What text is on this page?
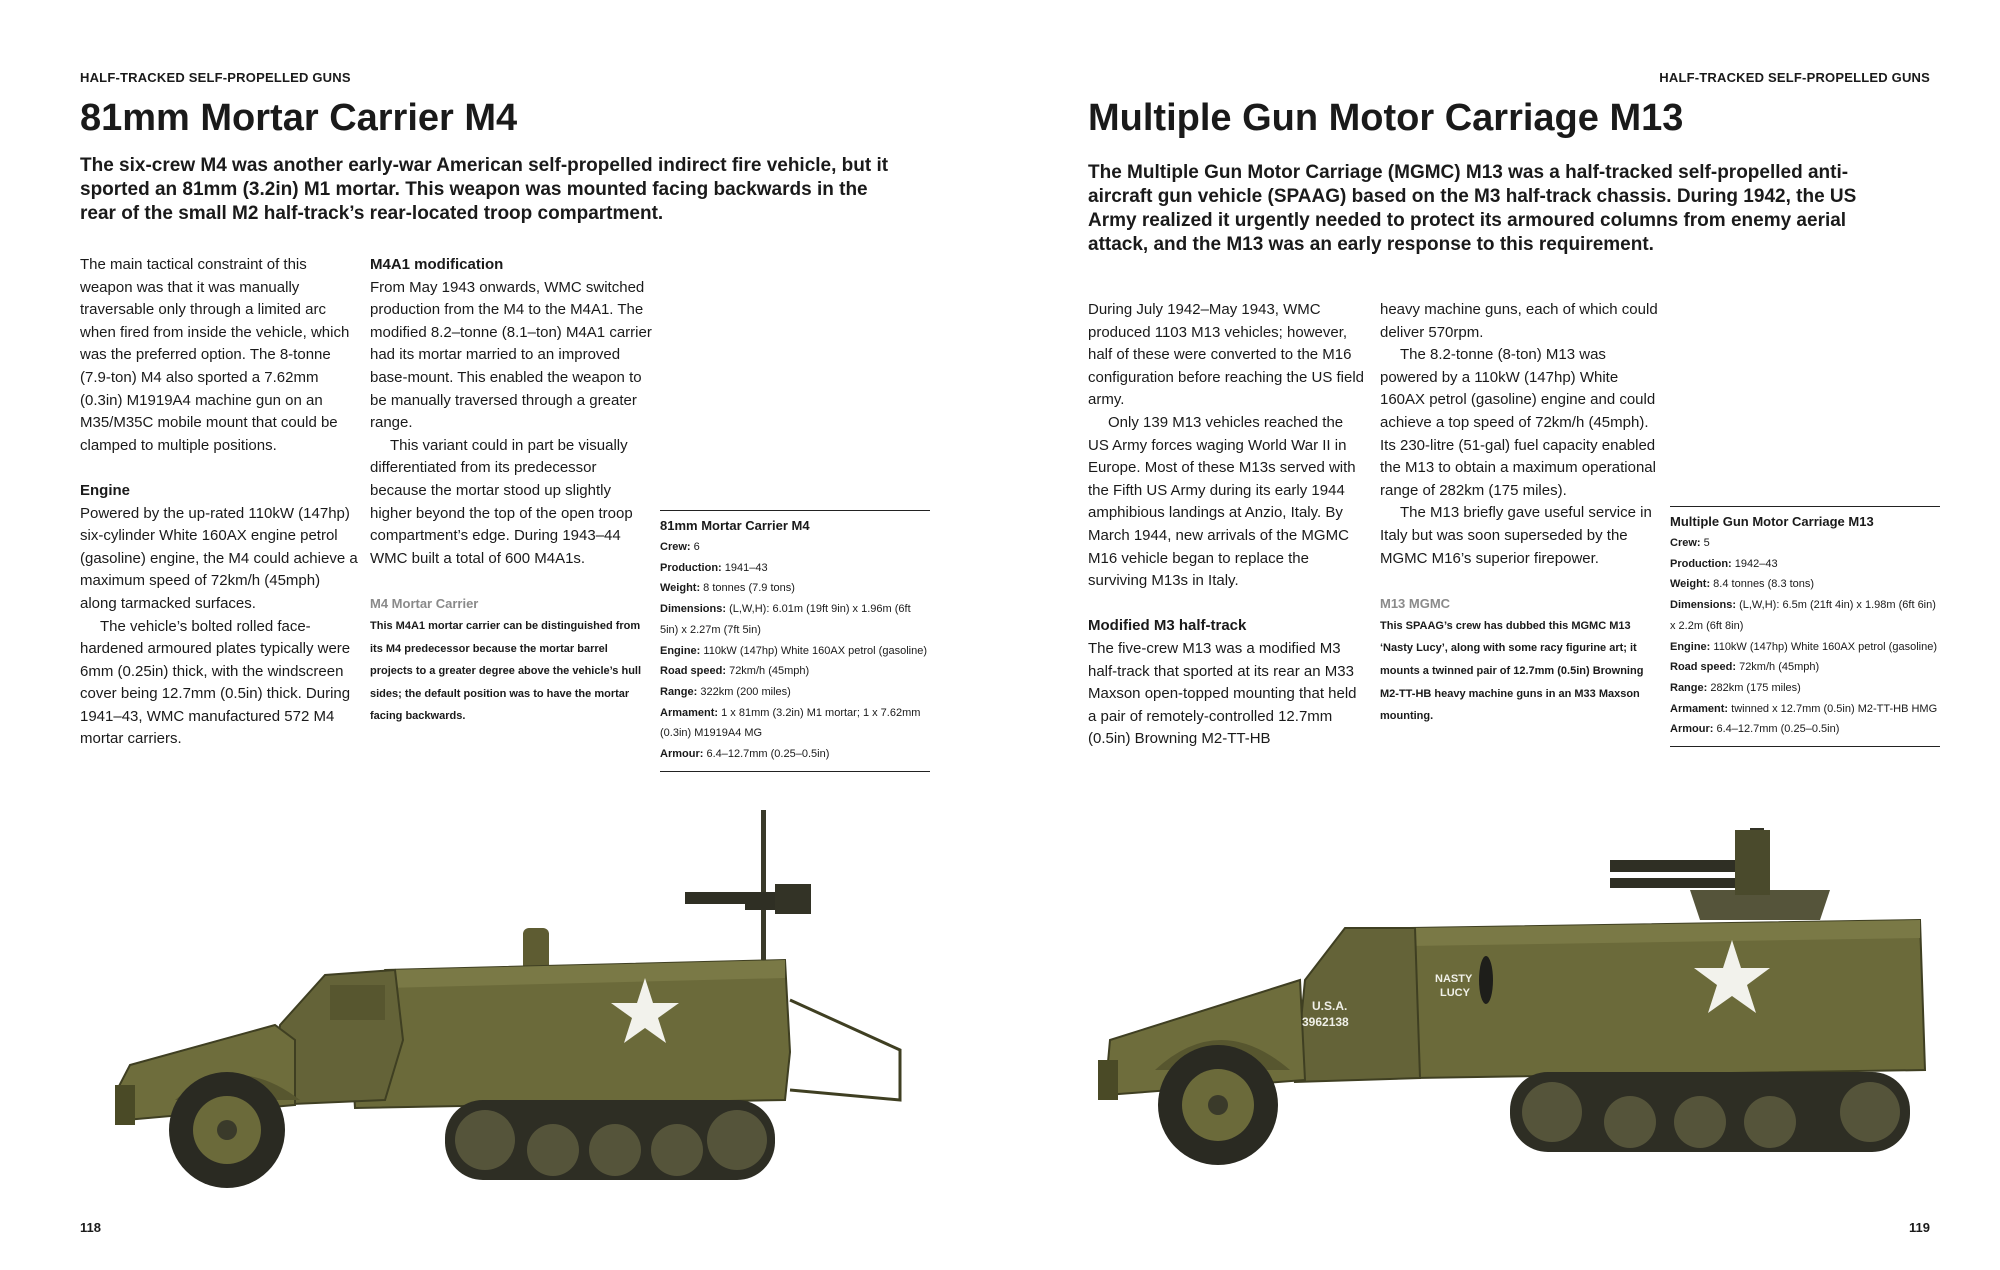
HALF-TRACKED SELF-PROPELLED GUNS
81mm Mortar Carrier M4

The six-crew M4 was another early-war American self-propelled indirect fire vehicle, but it sported an 81mm (3.2in) M1 mortar. This weapon was mounted facing backwards in the rear of the small M2 half-track’s rear-located troop compartment.

The main tactical constraint of this weapon was that it was manually traversable only through a limited arc when fired from inside the vehicle, which was the preferred option. The 8-tonne (7.9-ton) M4 also sported a 7.62mm (0.3in) M1919A4 machine gun on an M35/M35C mobile mount that could be clamped to multiple positions.

Engine

Powered by the up-rated 110kW (147hp) six-cylinder White 160AX engine petrol (gasoline) engine, the M4 could achieve a maximum speed of 72km/h (45mph) along tarmacked surfaces.

The vehicle’s bolted rolled face-hardened armoured plates typically were 6mm (0.25in) thick, with the windscreen cover being 12.7mm (0.5in) thick. During 1941–43, WMC manufactured 572 M4 mortar carriers.

M4A1 modification

From May 1943 onwards, WMC switched production from the M4 to the M4A1. The modified 8.2–tonne (8.1–ton) M4A1 carrier had its mortar married to an improved base-mount. This enabled the weapon to be manually traversed through a greater range.

This variant could in part be visually differentiated from its predecessor because the mortar stood up slightly higher beyond the top of the open troop compartment’s edge. During 1943–44 WMC built a total of 600 M4A1s.

M4 Mortar Carrier

This M4A1 mortar carrier can be distinguished from its M4 predecessor because the mortar barrel projects to a greater degree above the vehicle’s hull sides; the default position was to have the mortar facing backwards.

81mm Mortar Carrier M4
Crew: 6
Production: 1941–43
Weight: 8 tonnes (7.9 tons)
Dimensions: (L,W,H): 6.01m (19ft 9in) x 1.96m (6ft 5in) x 2.27m (7ft 5in)
Engine: 110kW (147hp) White 160AX petrol (gasoline)
Road speed: 72km/h (45mph)
Range: 322km (200 miles)
Armament: 1 x 81mm (3.2in) M1 mortar; 1 x 7.62mm (0.3in) M1919A4 MG
Armour: 6.4–12.7mm (0.25–0.5in)
118
HALF-TRACKED SELF-PROPELLED GUNS
Multiple Gun Motor Carriage M13

The Multiple Gun Motor Carriage (MGMC) M13 was a half-tracked self-propelled anti-aircraft gun vehicle (SPAAG) based on the M3 half-track chassis. During 1942, the US Army realized it urgently needed to protect its armoured columns from enemy aerial attack, and the M13 was an early response to this requirement.

During July 1942–May 1943, WMC produced 1103 M13 vehicles; however, half of these were converted to the M16 configuration before reaching the US field army.

Only 139 M13 vehicles reached the US Army forces waging World War II in Europe. Most of these M13s served with the Fifth US Army during its early 1944 amphibious landings at Anzio, Italy. By March 1944, new arrivals of the MGMC M16 vehicle began to replace the surviving M13s in Italy.

Modified M3 half-track

The five-crew M13 was a modified M3 half-track that sported at its rear an M33 Maxson open-topped mounting that held a pair of remotely-controlled 12.7mm (0.5in) Browning M2-TT-HB

heavy machine guns, each of which could deliver 570rpm.

The 8.2-tonne (8-ton) M13 was powered by a 110kW (147hp) White 160AX petrol (gasoline) engine and could achieve a top speed of 72km/h (45mph). Its 230-litre (51-gal) fuel capacity enabled the M13 to obtain a maximum operational range of 282km (175 miles).

The M13 briefly gave useful service in Italy but was soon superseded by the MGMC M16’s superior firepower.

M13 MGMC

This SPAAG’s crew has dubbed this MGMC M13 ‘Nasty Lucy’, along with some racy figurine art; it mounts a twinned pair of 12.7mm (0.5in) Browning M2-TT-HB heavy machine guns in an M33 Maxson mounting.

Multiple Gun Motor Carriage M13
Crew: 5
Production: 1942–43
Weight: 8.4 tonnes (8.3 tons)
Dimensions: (L,W,H): 6.5m (21ft 4in) x 1.98m (6ft 6in) x 2.2m (6ft 8in)
Engine: 110kW (147hp) White 160AX petrol (gasoline)
Road speed: 72km/h (45mph)
Range: 282km (175 miles)
Armament: twinned x 12.7mm (0.5in) M2-TT-HB HMG
Armour: 6.4–12.7mm (0.25–0.5in)
U.S.A.
3962138
NASTY
LUCY
119
